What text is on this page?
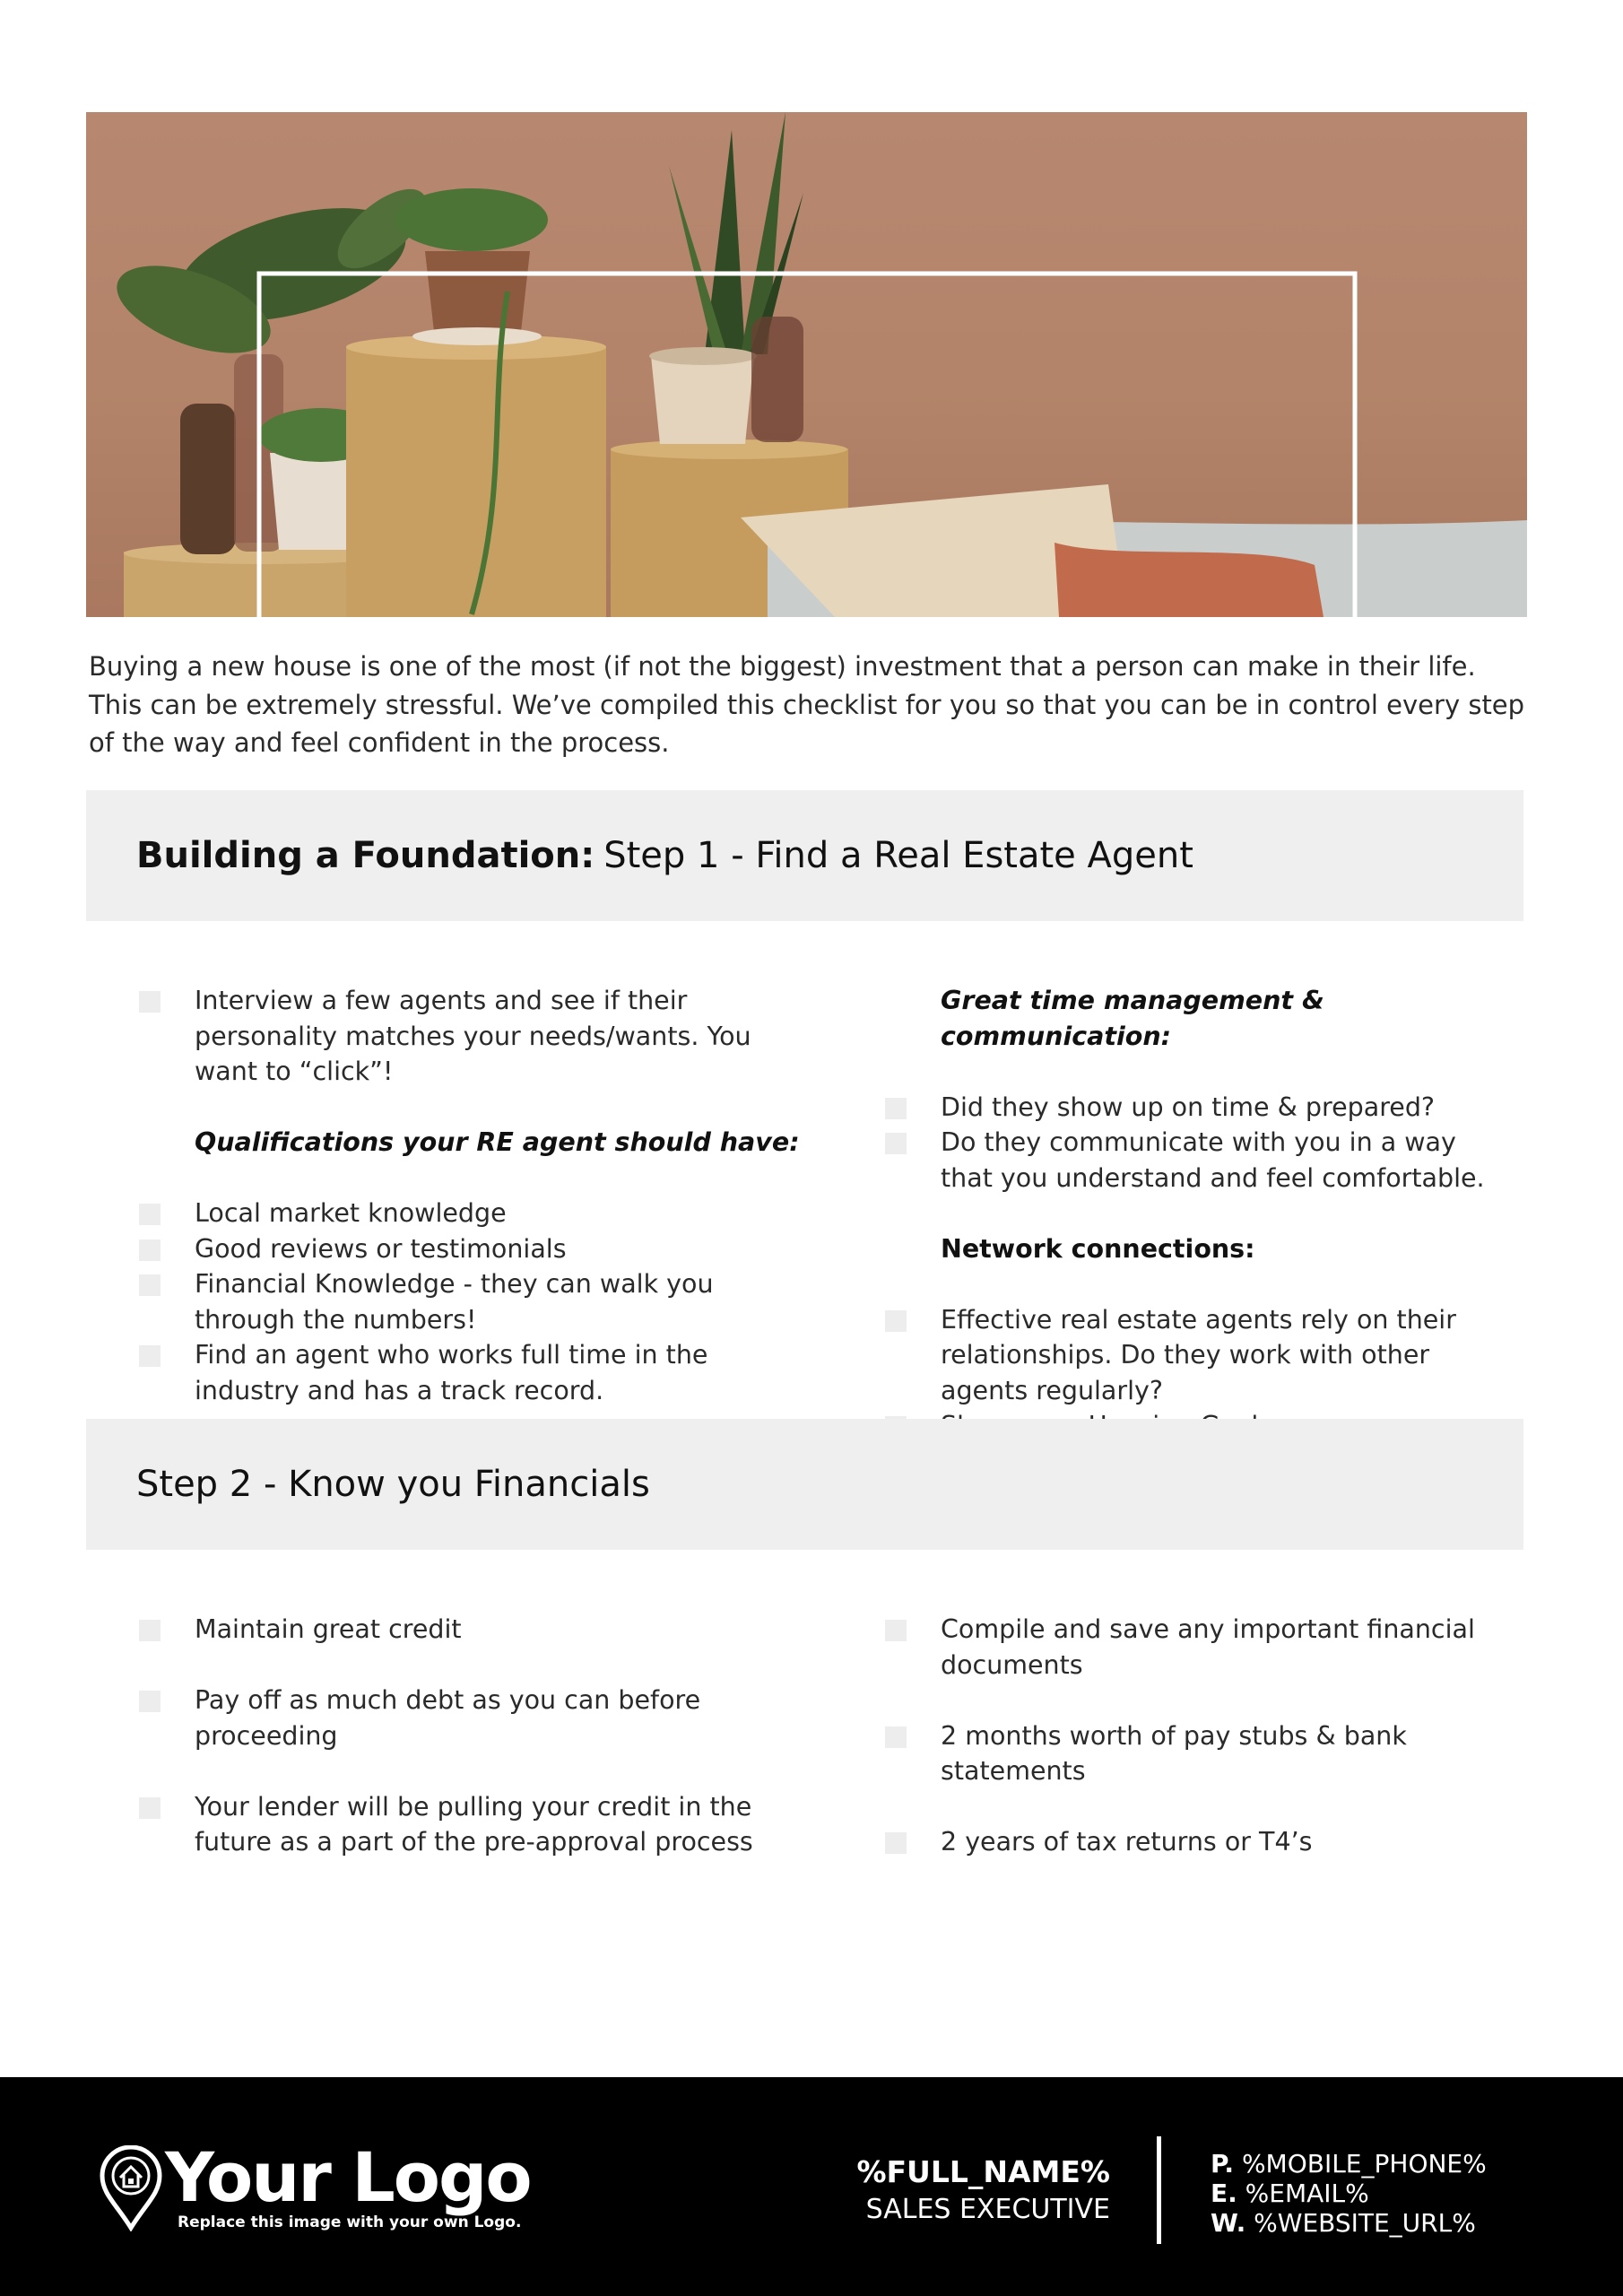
Buying a new house is one of the most (if not the biggest) investment that a person can make in their life. This can be extremely stressful. We’ve compiled this checklist for you so that you can be in control every step of the way and feel confident in the process.
Building a Foundation: Step 1 - Find a Real Estate Agent
Interview a few agents and see if their personality matches your needs/wants. You want to “click”!
Qualifications your RE agent should have:
Local market knowledge
Good reviews or testimonials
Financial Knowledge - they can walk you through the numbers!
Find an agent who works full time in the industry and has a track record.
Great time management & communication:
Did they show up on time & prepared?
Do they communicate with you in a way that you understand and feel comfortable.
Network connections:
Effective real estate agents rely on their relationships. Do they work with other agents regularly?
Step 2 - Know you Financials
Maintain great credit
Pay off as much debt as you can before proceeding
Your lender will be pulling your credit in the future as a part of the pre-approval process
Compile and save any important financial documents
2 months worth of pay stubs & bank statements
2 years of tax returns or T4’s
Your Logo
Replace this image with your own Logo.
%FULL_NAME%
SALES EXECUTIVE
P. %MOBILE_PHONE%
E. %EMAIL%
W. %WEBSITE_URL%
